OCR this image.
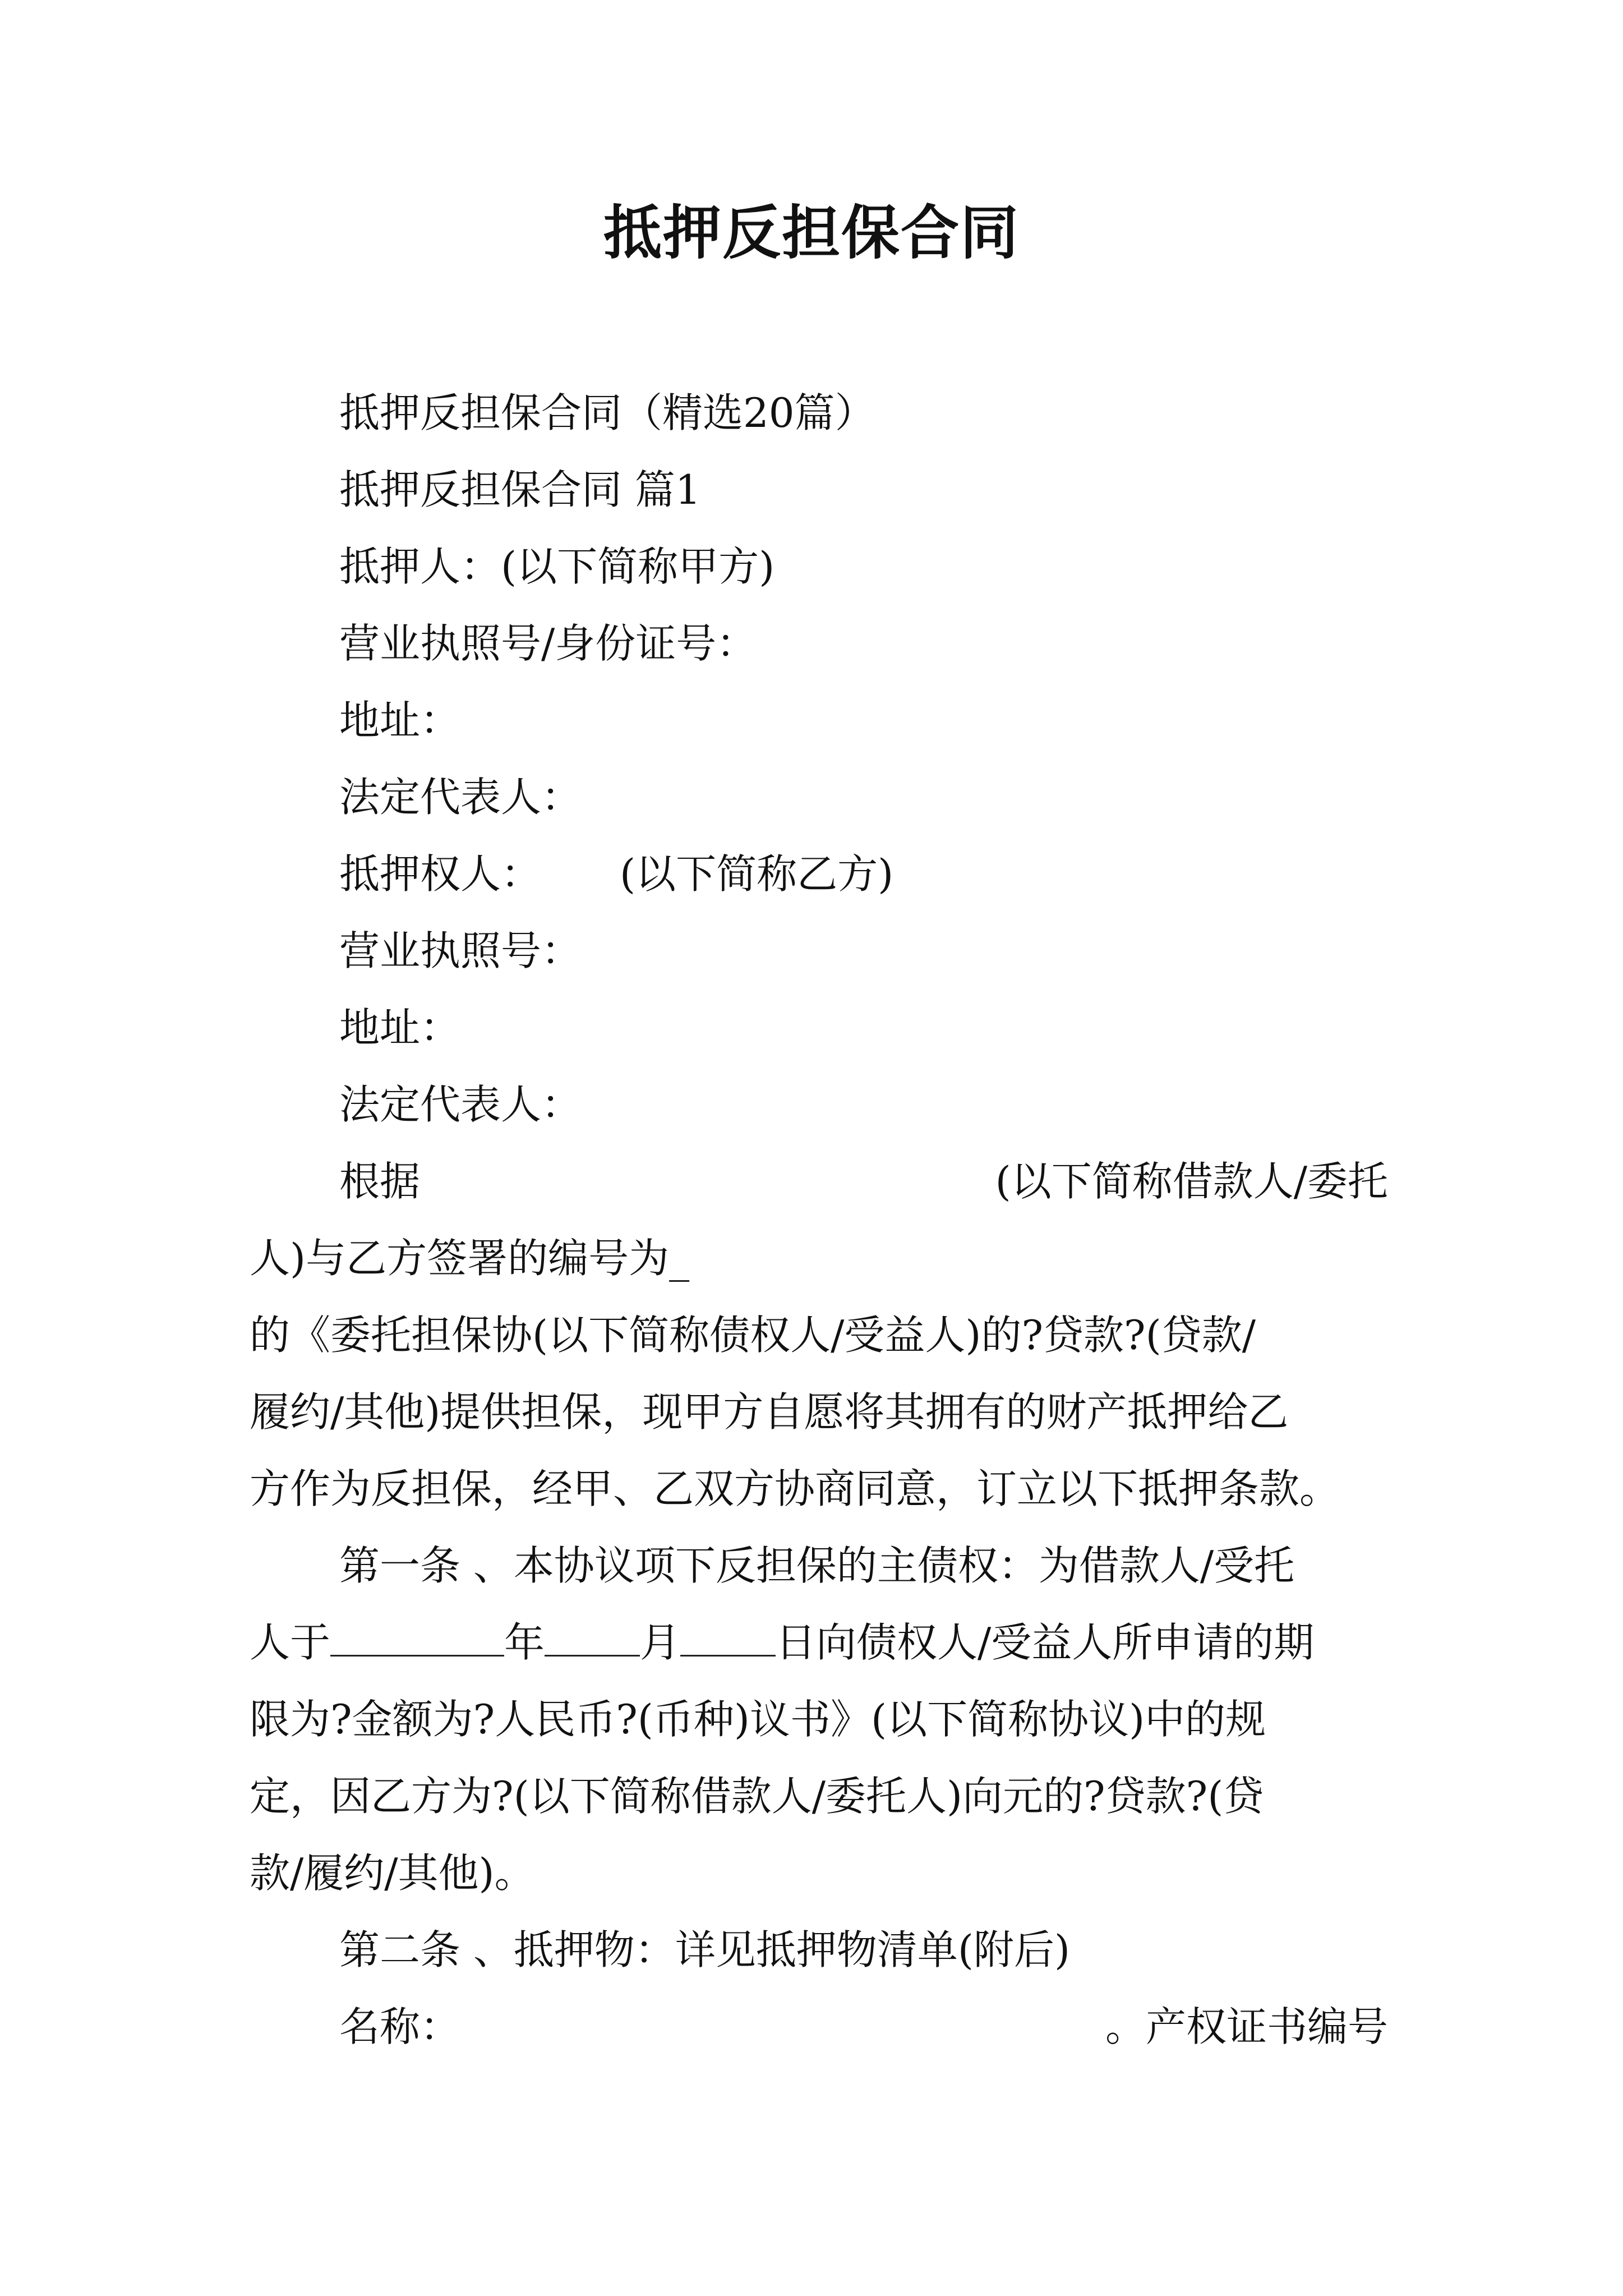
抵押反担保合同
抵押反担保合同（精选20篇）
抵押反担保合同 篇1
抵押人：(以下简称甲方)
营业执照号/身份证号：
地址：
法定代表人：
抵押权人： (以下简称乙方)
营业执照号：
地址：
法定代表人：
根据	(以下简称借款人/委托
人)与乙方签署的编号为_
的《委托担保协(以下简称债权人/受益人)的?贷款?(贷款/
履约/其他)提供担保，现甲方自愿将其拥有的财产抵押给乙
方作为反担保，经甲、乙双方协商同意，订立以下抵押条款。
第一条 、本协议项下反担保的主债权：为借款人/受托
人于	年 月 日向债权人/受益人所申请的期
限为?金额为?人民币?(币种)议书》(以下简称协议)中的规
定，因乙方为?(以下简称借款人/委托人)向元的?贷款?(贷
款/履约/其他)。
第二条 、抵押物：详见抵押物清单(附后)
名称：	。产权证书编号
